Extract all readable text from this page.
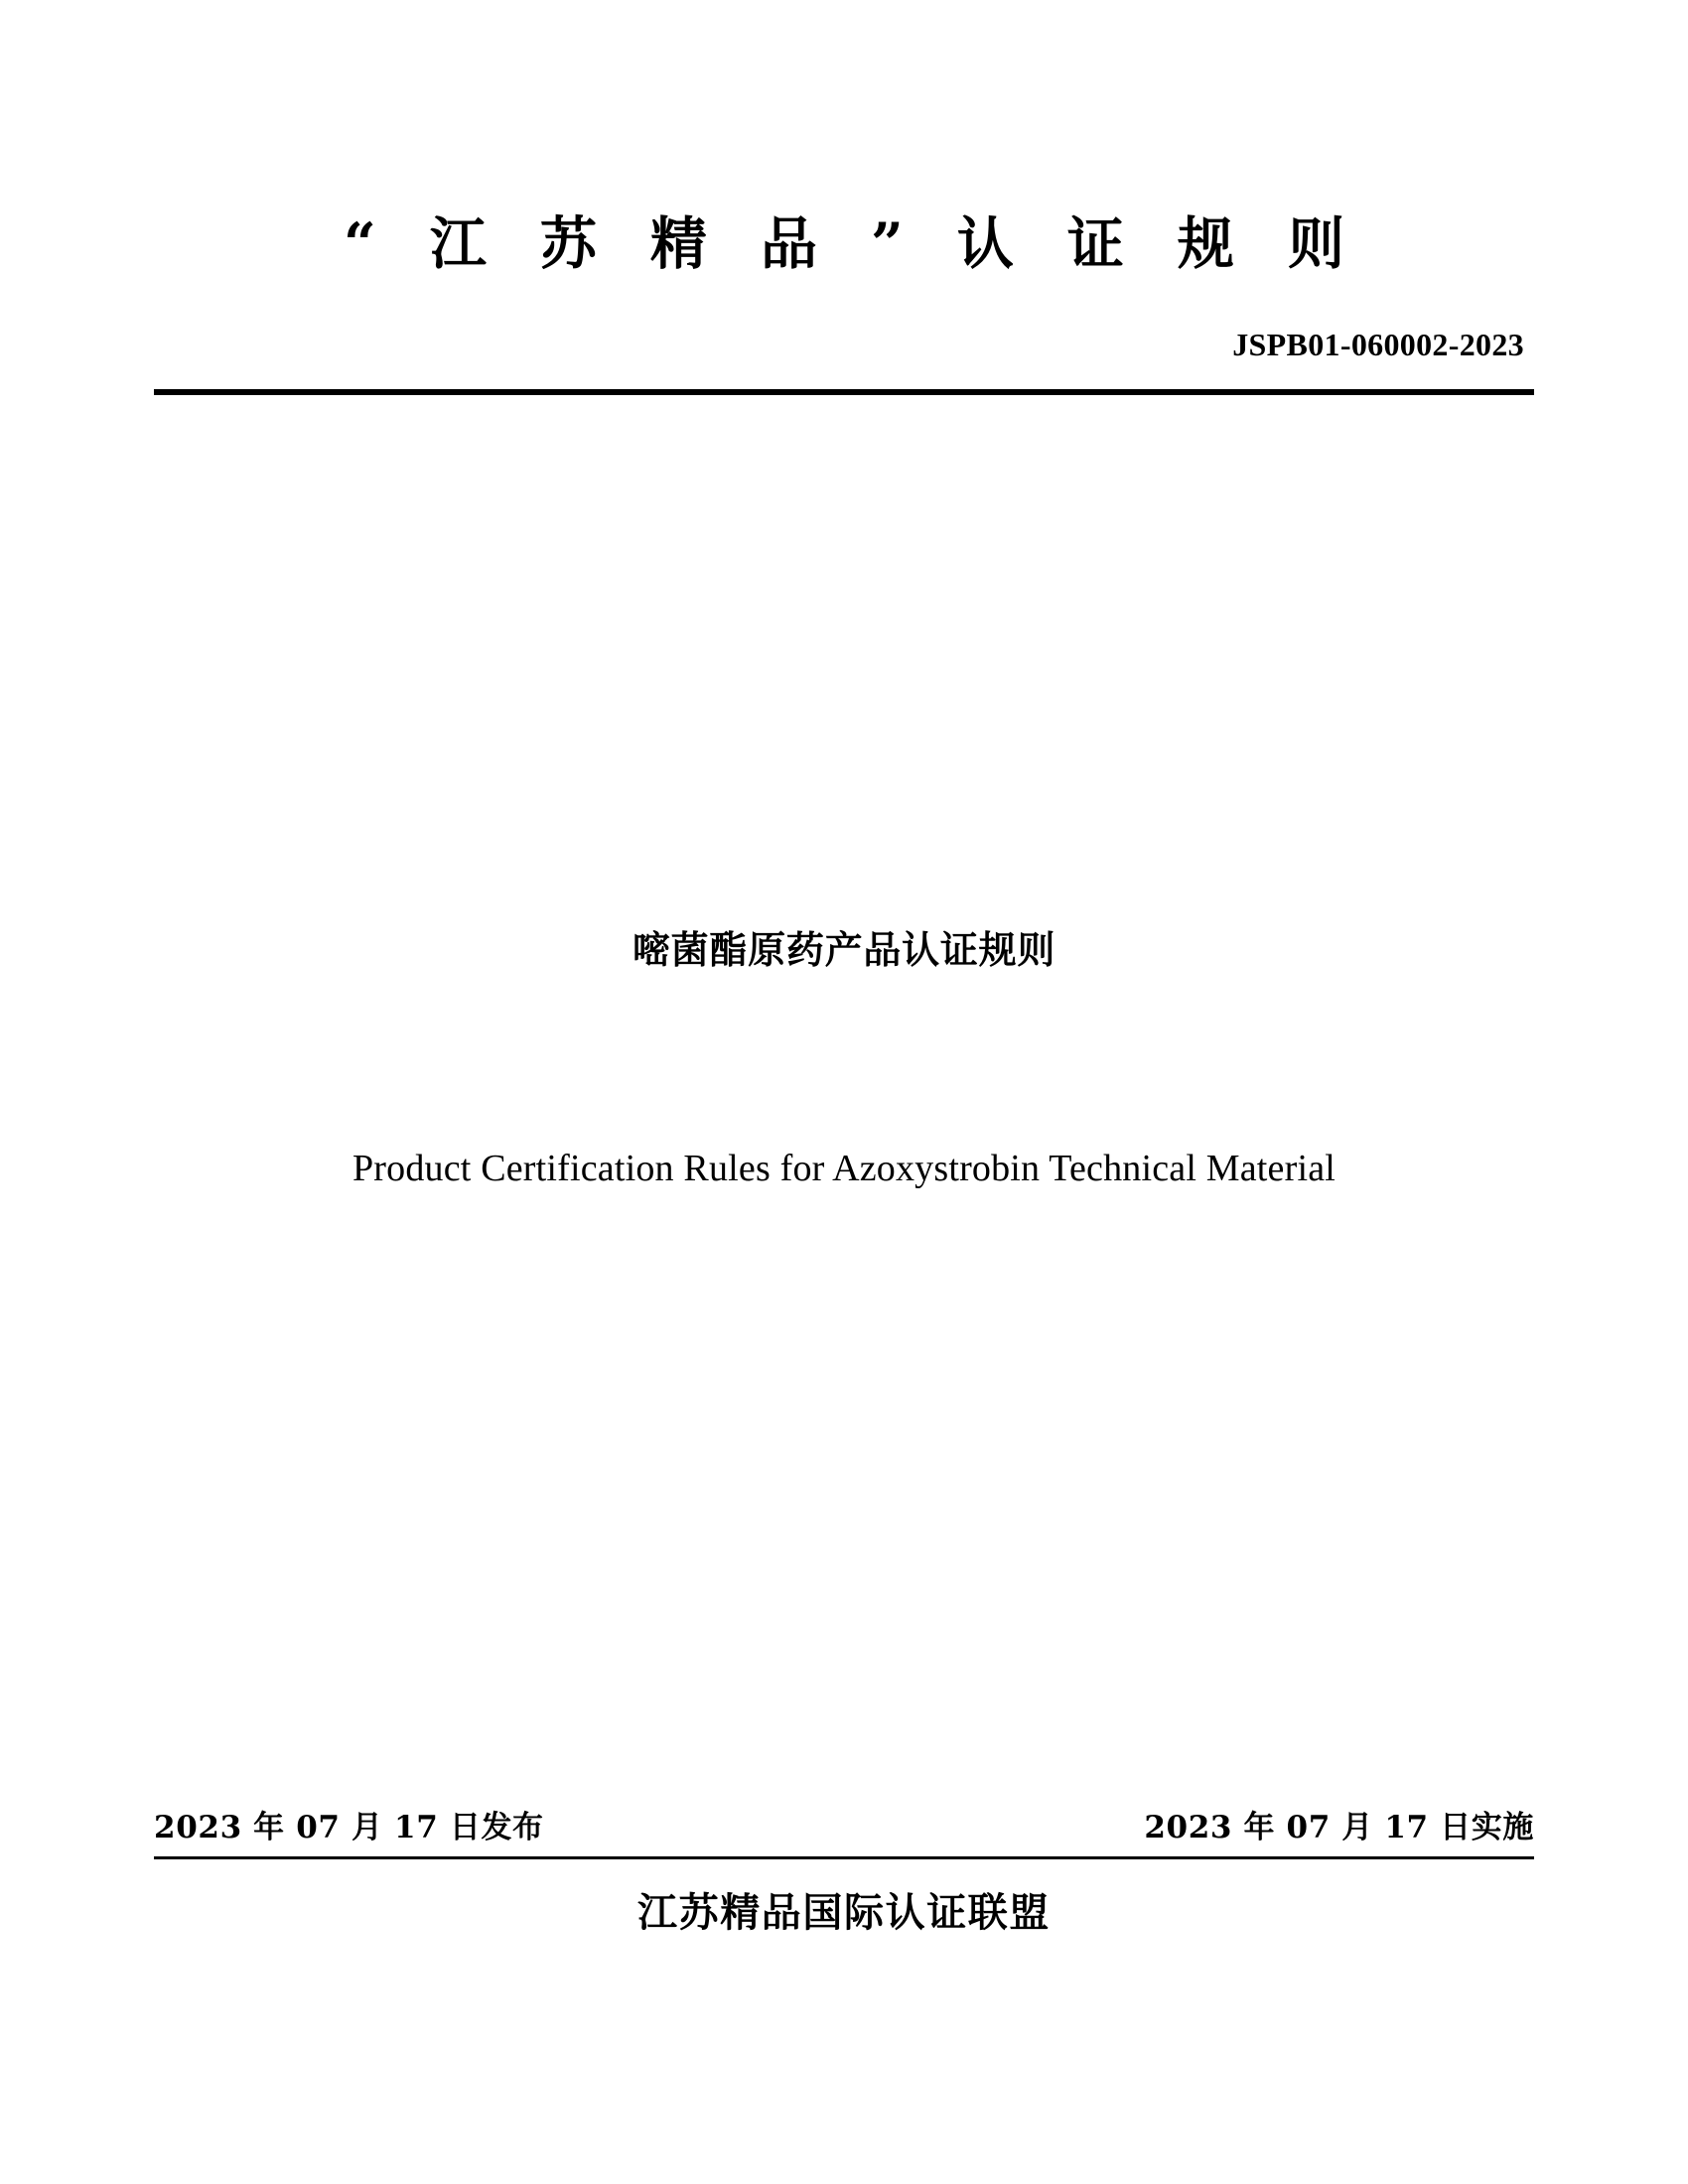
“ 江 苏 精 品 ” 认 证 规 则
JSPB01-060002-2023
嘧菌酯原药产品认证规则
Product Certification Rules for Azoxystrobin Technical Material
2023 年 07 月 17 日发布	2023 年 07 月 17 日实施
江苏精品国际认证联盟
